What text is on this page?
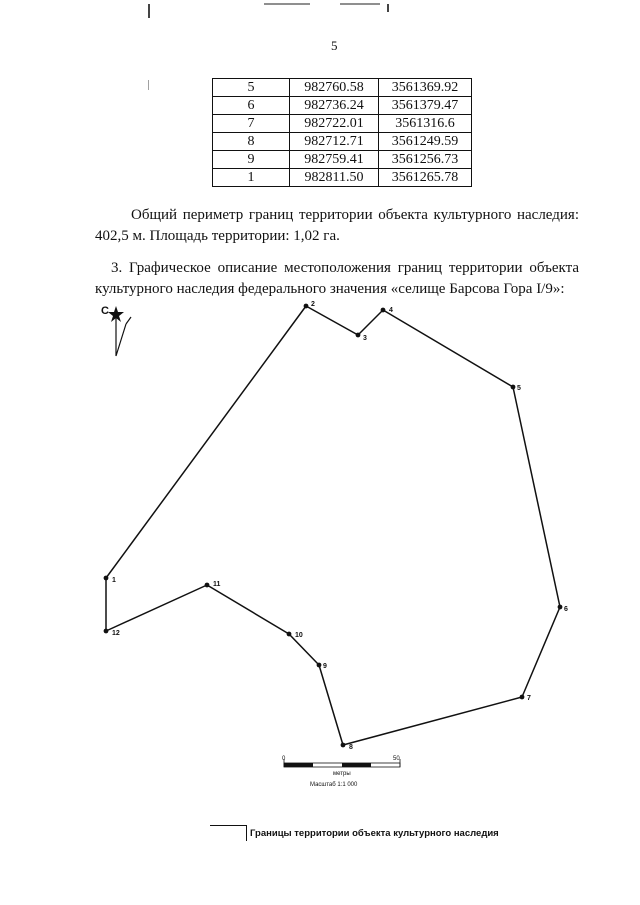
5
5	982760.58	3561369.92
6	982736.24	3561379.47
7	982722.01	3561316.6
8	982712.71	3561249.59
9	982759.41	3561256.73
1	982811.50	3561265.78
Общий периметр границ территории объекта культурного наследия: 402,5 м. Площадь территории: 1,02 га.
3. Графическое описание местоположения границ территории объекта культурного наследия федерального значения «селище Барсова Гора I/9»:
С
1
2
3
4
5
6
7
8
9
10
11
12
0	50
метры
Масштаб 1:1 000
Границы территории объекта культурного наследия
